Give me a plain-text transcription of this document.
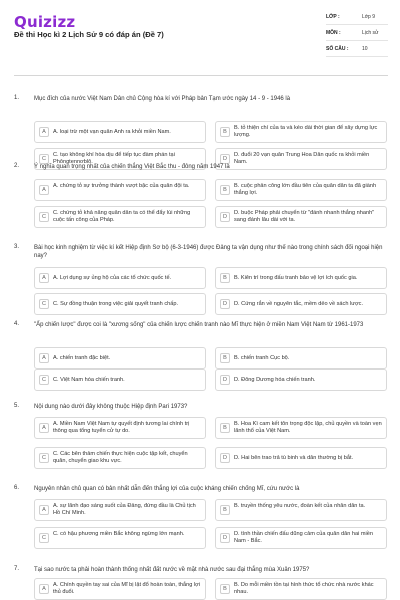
Quizizz
Đề thi Học kì 2 Lịch Sử 9 có đáp án (Đề 7)
LỚP :	Lớp 9
MÔN :	Lịch sử
SỐ CÂU :	10
1. Mục đích của nước Việt Nam Dân chủ Cộng hòa kí với Pháp bản Tạm ước ngày 14 - 9 - 1946 là
A	A. loại trừ một vạn quân Anh ra khỏi miền Nam.	B
B. tỏ thiện chí của ta và kéo dài thời gian để xây dựng lực lượng.
C
C. tạo không khí hòa dịu để tiếp tục đàm phán tại Phôngtennơblô.	D
D. đuổi 20 vạn quân Trung Hoa Dân quốc ra khỏi miền Nam.
2. Ý nghĩa quan trọng nhất của chiến thắng Việt Bắc thu - đông năm 1947 là
A
A. chứng tỏ sự trưởng thành vượt bậc của quân đội ta.
B
B. cuộc phản công lớn đầu tiên của quân dân ta đã giành thắng lợi.
C
C. chứng tỏ khả năng quân dân ta có thể đẩy lùi những cuộc tấn công của Pháp.	D
D. buộc Pháp phải chuyển từ "đánh nhanh thắng nhanh" sang đánh lâu dài với ta.
3. Bài học kinh nghiệm từ việc kí kết Hiệp định Sơ bộ (6-3-1946) được Đảng ta vận dụng như thế nào trong chính sách đối ngoại hiện nay?
A	A. Lợi dụng sự ủng hộ của các tổ chức quốc tế.	B	B. Kiên trì trong đấu tranh bảo vệ lợi ích quốc gia.
C	C. Sự đồng thuận trong việc giải quyết tranh chấp.	D	D. Cứng rắn về nguyên tắc, mềm dẻo về sách lược.
4. "Ấp chiến lược" được coi là "xương sống" của chiến lược chiến tranh nào Mĩ thực hiện ở miền Nam Việt Nam từ 1961-1973
A	A. chiến tranh đặc biệt.	B	B. chiến tranh Cục bộ.
C	C. Việt Nam hóa chiến tranh.	D	D. Đông Dương hóa chiến tranh.
5. Nội dung nào dưới đây không thuộc Hiệp định Pari 1973?
A
A. Miền Nam Việt Nam tự quyết định tương lai chính trị thông qua tổng tuyển cử tự do.	B
B. Hoa Kì cam kết tôn trọng độc lập, chủ quyền và toàn vẹn lãnh thổ của Việt Nam.
C
C. Các bên thảm chiến thực hiện cuộc tập kết, chuyển quân, chuyển giao khu vực.	D	D. Hai bên trao trả tù binh và dân thường bị bắt.
6. Nguyên nhân chủ quan có bản nhất dẫn đến thắng lợi của cuộc kháng chiến chống Mĩ, cứu nước là
A
A. sự lãnh đạo sáng suốt của Đảng, đứng đầu là Chủ tịch Hồ Chí Minh.	B
B. truyền thống yêu nước, đoàn kết của nhân dân ta.
C
C. có hậu phương miền Bắc không ngừng lớn mạnh.
D
D. tình thần chiến đấu dũng cảm của quân dân hai miền Nam - Bắc.
7. Tại sao nước ta phải hoàn thành thống nhất đất nước về mặt nhà nước sau đại thắng mùa Xuân 1975?
A
A. Chính quyền tay sai của Mĩ bị lật đổ hoàn toàn, thắng lợi thủ đuổi.	B
B. Do mỗi miền tồn tại hình thức tổ chức nhà nước khác nhau.
